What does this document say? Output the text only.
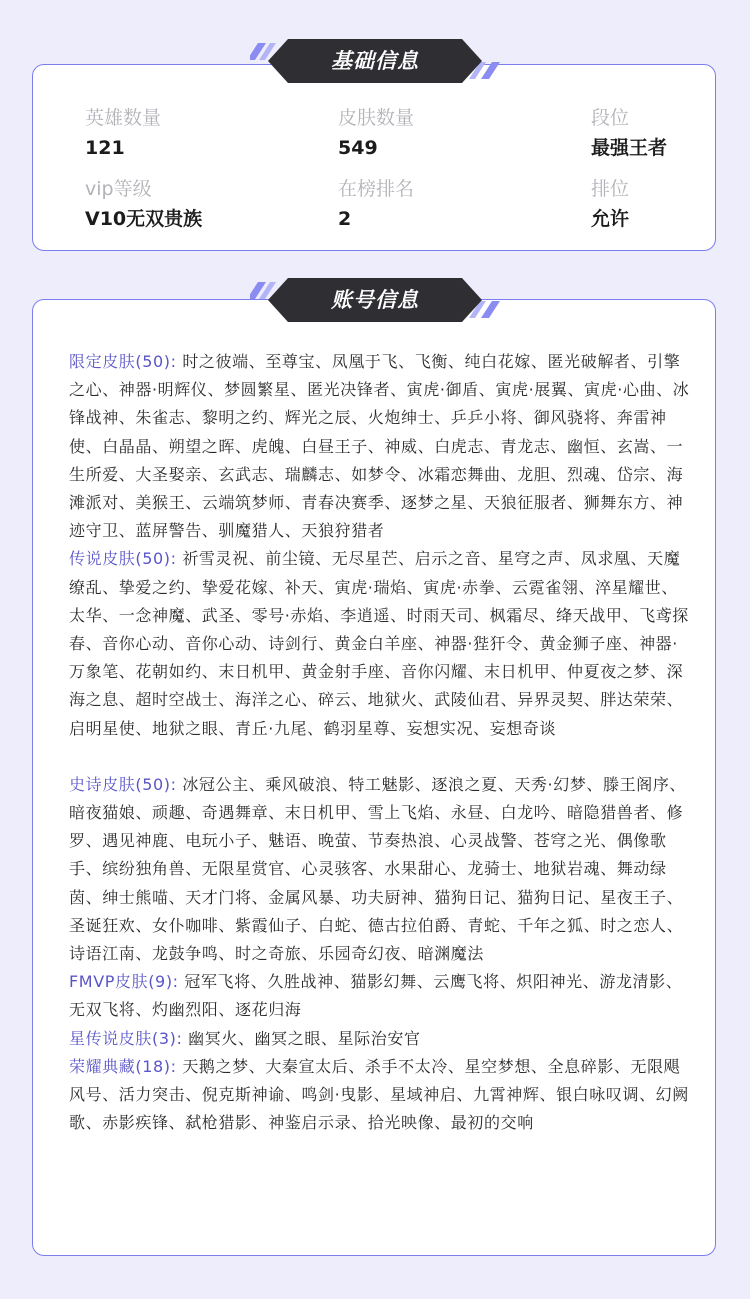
英雄数量
121
皮肤数量
549
段位
最强王者
vip等级
V10无双贵族
在榜排名
2
排位
允许

限定皮肤(50): 时之彼端、至尊宝、凤凰于飞、飞衡、纯白花嫁、匿光破解者、引擎之心、神器·明辉仪、梦圆繁星、匿光决锋者、寅虎·御盾、寅虎·展翼、寅虎·心曲、冰锋战神、朱雀志、黎明之约、辉光之辰、火炮绅士、乒乒小将、御风骁将、奔雷神使、白晶晶、朔望之晖、虎魄、白昼王子、神威、白虎志、青龙志、幽恒、玄嵩、一生所爱、大圣娶亲、玄武志、瑞麟志、如梦令、冰霜恋舞曲、龙胆、烈魂、岱宗、海滩派对、美猴王、云端筑梦师、青春决赛季、逐梦之星、天狼征服者、狮舞东方、神迹守卫、蓝屏警告、驯魔猎人、天狼狩猎者

传说皮肤(50): 祈雪灵祝、前尘镜、无尽星芒、启示之音、星穹之声、凤求凰、天魔缭乱、挚爱之约、挚爱花嫁、补天、寅虎·瑞焰、寅虎·赤拳、云霓雀翎、淬星耀世、太华、一念神魔、武圣、零号·赤焰、李逍遥、时雨天司、枫霜尽、绛天战甲、飞鸢探春、音你心动、音你心动、诗剑行、黄金白羊座、神器·狴犴令、黄金狮子座、神器·万象笔、花朝如约、末日机甲、黄金射手座、音你闪耀、末日机甲、仲夏夜之梦、深海之息、超时空战士、海洋之心、碎云、地狱火、武陵仙君、异界灵契、胖达荣荣、启明星使、地狱之眼、青丘·九尾、鹤羽星尊、妄想实况、妄想奇谈

史诗皮肤(50): 冰冠公主、乘风破浪、特工魅影、逐浪之夏、天秀·幻梦、滕王阁序、暗夜猫娘、顽趣、奇遇舞章、末日机甲、雪上飞焰、永昼、白龙吟、暗隐猎兽者、修罗、遇见神鹿、电玩小子、魅语、晚萤、节奏热浪、心灵战警、苍穹之光、偶像歌手、缤纷独角兽、无限星赏官、心灵骇客、水果甜心、龙骑士、地狱岩魂、舞动绿茵、绅士熊喵、天才门将、金属风暴、功夫厨神、猫狗日记、猫狗日记、星夜王子、圣诞狂欢、女仆咖啡、紫霞仙子、白蛇、德古拉伯爵、青蛇、千年之狐、时之恋人、诗语江南、龙鼓争鸣、时之奇旅、乐园奇幻夜、暗渊魔法

FMVP皮肤(9): 冠军飞将、久胜战神、猫影幻舞、云鹰飞将、炽阳神光、游龙清影、无双飞将、灼幽烈阳、逐花归海

星传说皮肤(3): 幽冥火、幽冥之眼、星际治安官

荣耀典藏(18): 天鹅之梦、大秦宣太后、杀手不太冷、星空梦想、全息碎影、无限飓风号、活力突击、倪克斯神谕、鸣剑·曳影、星域神启、九霄神辉、银白咏叹调、幻阙歌、赤影疾锋、弑枪猎影、神鉴启示录、拾光映像、最初的交响

基础信息
账号信息
